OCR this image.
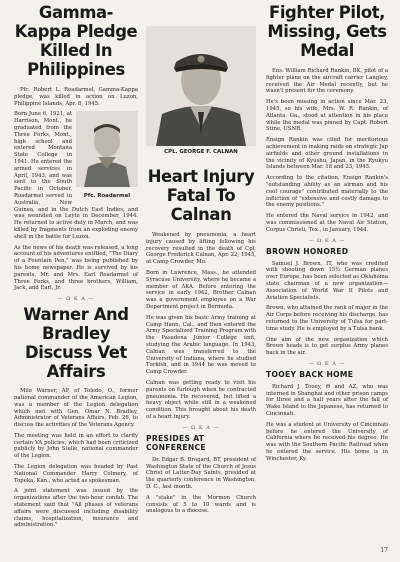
Gamma-Kappa Pledge Killed In Philippines

Pfc. Robert L. Roadarmel, Gamma-Kappa pledge, was killed in action on Luzon, Philippine Islands, Apr. 8, 1945.

Pfc. Roadarmel

Born June 6, 1921, at Harrison, Mont., he graduated from the Three Forks, Mont., high school and entered Montana State College in 1941. He entered the armed services in April, 1943, and was sent to the South Pacific in October. Roadarmel served in Australia, New Guinea, and in the Dutch East Indies, and was wounded on Leyte in December, 1944. He returned to active duty in March, and was killed by fragments from an exploding enemy shell in the battle for Luzon.

As the news of his death was released, a long account of his adventures entitled, "The Diary of a Fountain Pen," was being published by his home newspaper. He is survived by his parents, Mr. and Mrs. Earl Roadarmel of Three Forks, and three brothers, William, Jack, and Earl, Jr.

— Ω K A —
Warner And Bradley Discuss Vet Affairs

Milo Warner, AP, of Toledo, O., former national commander of the American Legion, was a member of the Legion delegation which met with Gen. Omar N. Bradley, Administrator of Veterans Affairs, Feb. 26, to discuss the activities of the Veterans Agency.

The meeting was held in an effort to clarify certain VA policies, which had been criticized publicly by John Stelle, national commander of the Legion.

The Legion delegation was headed by Past National Commander Harry Colmery, of Topeka, Kan., who acted as spokesman.

A joint statement was issued by the organizations after the two-hour confab. The statement said that "All phases of veterans affairs were discussed including disability claims, hospitalization, insurance and administration."

CPL. GEORGE F. CALNAN
Heart Injury Fatal To Calnan

Weakened by pneumonia, a heart injury caused by lifting following his recovery resulted in the death of Cpl. George Frederick Calnan, Apr. 22, 1945, at Camp Crowder, Mo.

Born in Lawrence, Mass., he attended Syracuse University, where he became a member of ΔKA. Before entering the service in early 1942, Brother Calnan was a government employee on a War Department project in Bermuda.

He was given his basic Army training at Camp Hann, Cal., and then entered the Army Specialized Training Program with the Pasadena Junior College unit, studying the Arabic language. In 1943, Calnan was transferred to the University of Indiana, where he studied Turkish, and in 1944 he was moved to Camp Crowder.

Calnan was getting ready to visit his parents on furlough when he contracted pneumonia. He recovered, but lifted a heavy object while still in a weakened condition. This brought about his death of a heart injury.

— Ω K A —
PRESIDES AT CONFERENCE

Dr. Edgar B. Brogard, BT, president of Washington State of the Church of Jesus Christ of Latter-Day Saints, presided at the quarterly conference in Washington, D. C., last month.

A "stake" in the Mormon Church consists of 5 to 10 wards and is analogous to a diocese.

Fighter Pilot, Missing, Gets Medal

Ens. William Richard Rankin, BK, pilot of a fighter plane on the aircraft carrier Langley, received the Air Medal recently, but he wasn't present for the ceremony.

He's been missing in action since Mar. 23, 1945, so his wife, Mrs. W. R. Rankin, of Atlanta, Ga., stood at attention in his place while the medal was pinned by Capt. Robert Stine, USNR.

Ensign Rankin was cited for meritorious achievement in making raids on strategic Jap airfields and other ground installations in the vicinity of Kyushu, Japan, in the Ryukyu Islands between Mar. 18 and 23, 1945.

According to the citation, Ensign Rankin's "outstanding ability as an airman and his cool courage" contributed materially to the infliction of "extensive and costly damage to the enemy positions."

He entered the Naval service in 1942, and was commissioned at the Naval Air Station, Corpus Christi, Tex., in January, 1944.

— Ω K A —
BROWN HONORED

Samuel J. Brown, IT, who was credited with shooting down 15½ German planes over Europe, has been selected as Oklahoma state chairman of a new organization—Association of World War II Pilots and Aviation Specialists.

Brown, who attained the rank of major in the Air Corps before receiving his discharge, has returned to the University of Tulsa for part-time study. He is employed by a Tulsa bank.

One aim of the new organization which Brown heads is to get surplus Army planes back in the air.

— Ω K A —
TOOEY BACK HOME

Richard J. Tooey, Θ and ΑΖ, who was interned in Shanghai and other prison camps for three and a half years after the fall of Wake Island to the Japanese, has returned to Cincinnati.

He was a student at University of Cincinnati before he entered the University of California where he received his degree. He was with the Southern Pacific Railroad when he entered the service. His home is in Winchester, Ky.

17
